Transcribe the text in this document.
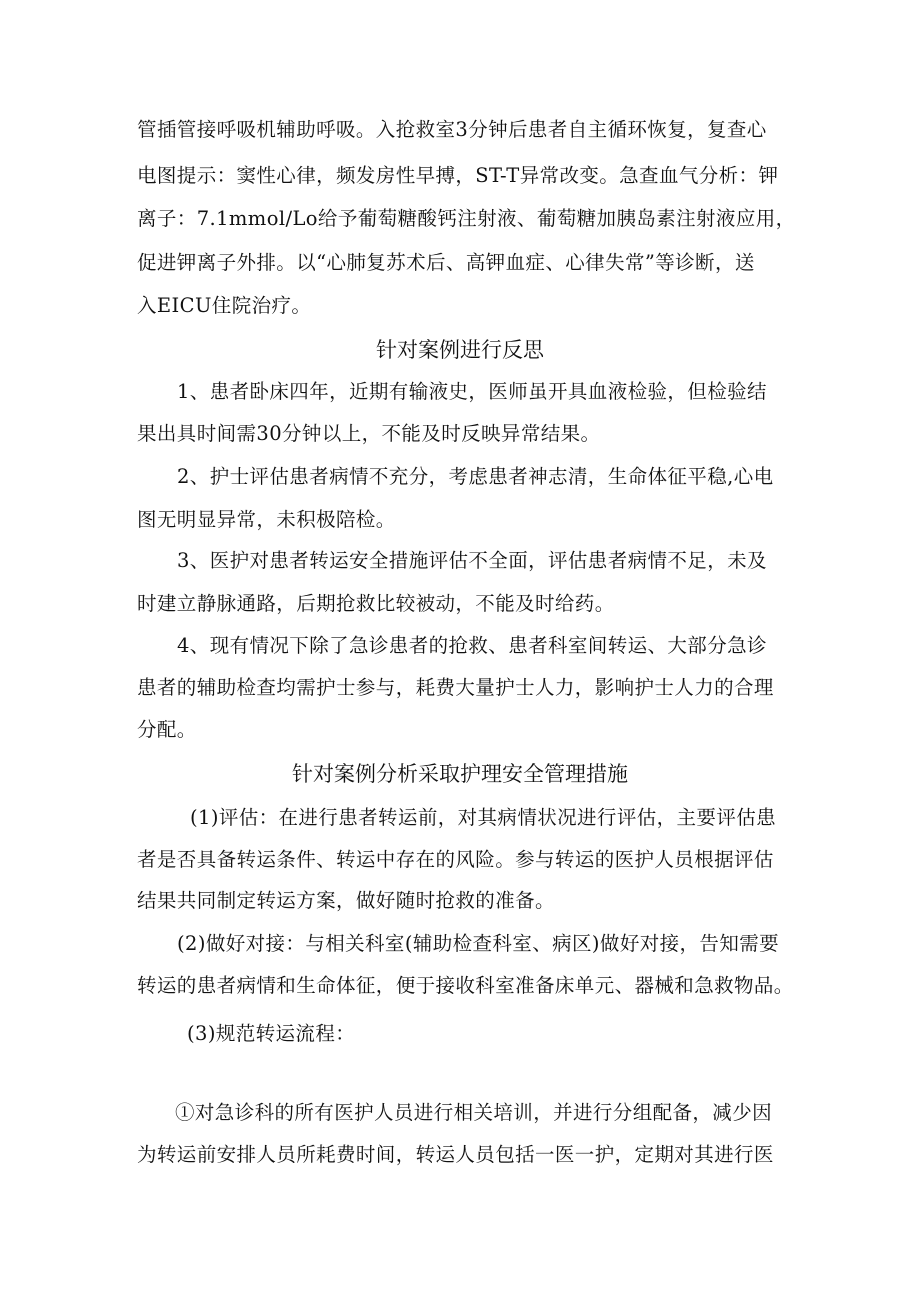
管插管接呼吸机辅助呼吸。入抢救室3分钟后患者自主循环恢复，复查心
电图提示：窦性心律，频发房性早搏，ST-T异常改变。急查血气分析：钾
离子：7.1mmol∕Lo给予葡萄糖酸钙注射液、葡萄糖加胰岛素注射液应用，
促进钾离子外排。以“心肺复苏术后、高钾血症、心律失常”等诊断，送
入EICU住院治疗。
针对案例进行反思
1、患者卧床四年，近期有输液史，医师虽开具血液检验，但检验结
果出具时间需30分钟以上，不能及时反映异常结果。
2、护士评估患者病情不充分，考虑患者神志清，生命体征平稳,心电
图无明显异常，未积极陪检。
3、医护对患者转运安全措施评估不全面，评估患者病情不足，未及
时建立静脉通路，后期抢救比较被动，不能及时给药。
4、现有情况下除了急诊患者的抢救、患者科室间转运、大部分急诊
患者的辅助检查均需护士参与，耗费大量护士人力，影响护士人力的合理
分配。
针对案例分析采取护理安全管理措施
(1)评估：在进行患者转运前，对其病情状况进行评估，主要评估患
者是否具备转运条件、转运中存在的风险。参与转运的医护人员根据评估
结果共同制定转运方案，做好随时抢救的准备。
(2)做好对接：与相关科室(辅助检查科室、病区)做好对接，告知需要
转运的患者病情和生命体征，便于接收科室准备床单元、器械和急救物品。
(3)规范转运流程：
①对急诊科的所有医护人员进行相关培训，并进行分组配备，减少因
为转运前安排人员所耗费时间，转运人员包括一医一护，定期对其进行医
